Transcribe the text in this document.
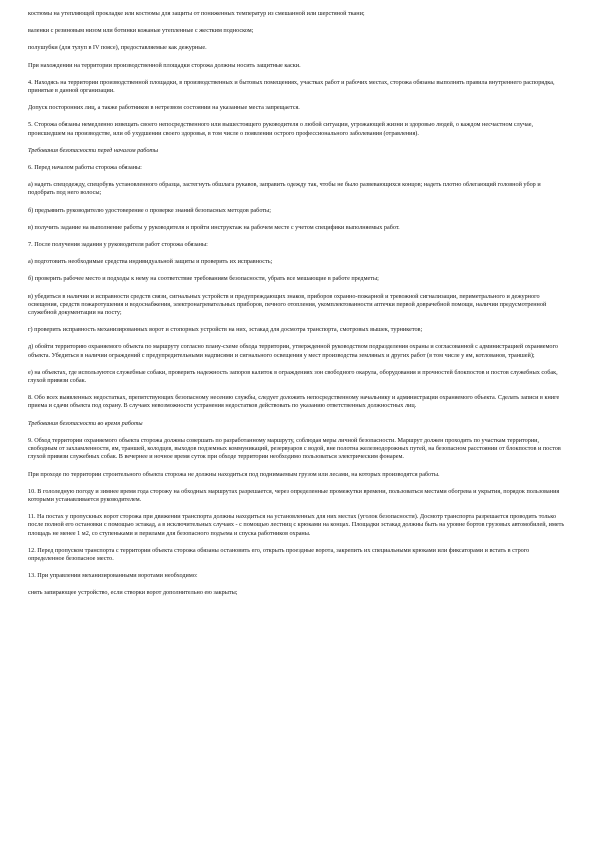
костюмы на утепляющей прокладке или костюмы для защиты от пониженных температур из смешанной или шерстяной ткани;

валенки с резиновым низом или ботинки кожаные утепленные с жестким подноском;

полушубки (для тулуп в IV поясе), предоставляемые как дежурные.

При нахождении на территории производственной площадки сторожа должны носить защитные каски.

4. Находясь на территории производственной площадки, в производственных и бытовых помещениях, участках работ и рабочих местах, сторожа обязаны выполнять правила внутреннего распорядка, принятые в данной организации.

Допуск посторонних лиц, а также работников в нетрезвом состоянии на указанные места запрещается.

5. Сторожа обязаны немедленно извещать своего непосредственного или вышестоящего руководителя о любой ситуации, угрожающей жизни и здоровью людей, о каждом несчастном случае, происшедшем на производстве, или об ухудшении своего здоровья, в том числе о появлении острого профессионального заболевания (отравления).

Требования безопасности перед началом работы

6. Перед началом работы сторожа обязаны:

а) надеть спецодежду, спецобувь установленного образца, застегнуть обшлага рукавов, заправить одежду так, чтобы не было развевающихся концов; надеть плотно облегающий головной убор и подобрать под него волосы;

б) предъявить руководителю удостоверение о проверке знаний безопасных методов работы;

в) получить задание на выполнение работы у руководителя и пройти инструктаж на рабочем месте с учетом специфики выполняемых работ.

7. После получения задания у руководителя работ сторожа обязаны:

а) подготовить необходимые средства индивидуальной защиты и проверить их исправность;

б) проверить рабочее место и подходы к нему на соответствие требованиям безопасности, убрать все мешающие в работе предметы;

в) убедиться в наличии и исправности средств связи, сигнальных устройств и предупреждающих знаков, приборов охранно-пожарной и тревожной сигнализации, периметрального и дежурного освещения, средств пожаротушения и водоснабжения, электронагревательных приборов, печного отопления, укомплектованности аптечки первой доврачебной помощи, наличии предусмотренной служебной документации на посту;

г) проверить исправность механизированных ворот и стопорных устройств на них, эстакад для досмотра транспорта, смотровых вышек, турникетов;

д) обойти территорию охраняемого объекта по маршруту согласно плану-схеме обхода территории, утвержденной руководством подразделения охраны и согласованной с администрацией охраняемого объекта. Убедиться в наличии ограждений с предупредительными надписями и сигнального освещения у мест производства земляных и других работ (в том числе у ям, котлованов, траншей);

е) на объектах, где используются служебные собаки, проверить надежность запоров калиток в ограждениях зон свободного окарула, оборудования и прочностей блокпостов и постов служебных собак, глухой привязи собак.

8. Обо всех выявленных недостатках, препятствующих безопасному несению службы, следует доложить непосредственному начальнику и администрации охраняемого объекта. Сделать записи в книге приема и сдачи объекта под охрану. В случаях невозможности устранения недостатков действовать по указанию ответственных должностных лиц.

Требования безопасности во время работы

9. Обход территории охраняемого объекта сторожа должны совершать по разработанному маршруту, соблюдая меры личной безопасности. Маршрут должен проходить по участкам территории, свободным от захламленности, ям, траншей, колодцев, выходов подземных коммуникаций, резервуаров с водой, вне полотна железнодорожных путей, на безопасном расстоянии от блокпостов и постов глухой привязи служебных собак. В вечернее и ночное время суток при обходе территории необходимо пользоваться электрическим фонарем.

При проходе по территории строительного объекта сторожа не должны находиться под поднимаемым грузом или лесами, на которых производятся работы.

10. В гололедную погоду и зимнее время года сторожу на обходных маршрутах разрешается, через определенные промежутки времени, пользоваться местами обогрева и укрытия, порядок пользования которыми устанавливается руководителем.

11. На постах у пропускных ворот сторожа при движении транспорта должны находиться на установленных для них местах (уголок безопасности). Досмотр транспорта разрешается проводить только после полной его остановки с помощью эстакад, а в исключительных случаях - с помощью лестниц с крюками на концах. Площадки эстакад должны быть на уровне бортов грузовых автомобилей, иметь площадь не менее 1 м2, со ступеньками и перилами для безопасного подъема и спуска работников охраны.

12. Перед пропуском транспорта с территории объекта сторожа обязаны остановить его, открыть проездные ворота, закрепить их специальными крюками или фиксаторами и встать в строго определенное безопасное место.

13. При управлении механизированными воротами необходимо:

снять запирающее устройство, если створки ворот дополнительно ею закрыты;
